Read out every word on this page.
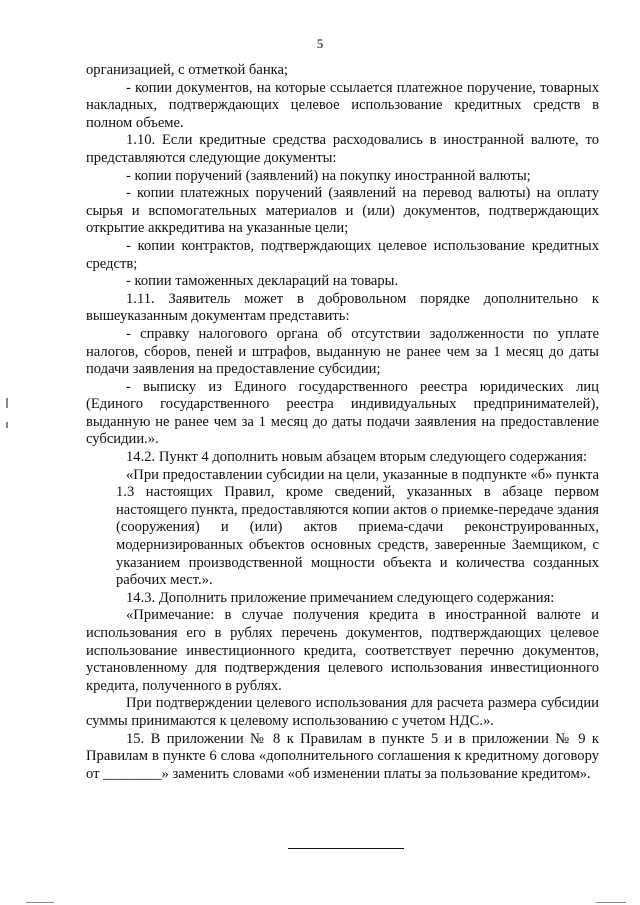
5

организацией, с отметкой банка;

- копии документов, на которые ссылается платежное поручение, товарных накладных, подтверждающих целевое использование кредитных средств в полном объеме.

1.10. Если кредитные средства расходовались в иностранной валюте, то представляются следующие документы:

- копии поручений (заявлений) на покупку иностранной валюты;

- копии платежных поручений (заявлений на перевод валюты) на оплату сырья и вспомогательных материалов и (или) документов, подтверждающих открытие аккредитива на указанные цели;

- копии контрактов, подтверждающих целевое использование кредитных средств;

- копии таможенных деклараций на товары.

1.11. Заявитель может в добровольном порядке дополнительно к вышеуказанным документам представить:

- справку налогового органа об отсутствии задолженности по уплате налогов, сборов, пеней и штрафов, выданную не ранее чем за 1 месяц до даты подачи заявления на предоставление субсидии;

- выписку из Единого государственного реестра юридических лиц (Единого государственного реестра индивидуальных предпринимателей), выданную не ранее чем за 1 месяц до даты подачи заявления на предоставление субсидии.».

14.2. Пункт 4 дополнить новым абзацем вторым следующего содержания:

«При предоставлении субсидии на цели, указанные в подпункте «б» пункта 1.3 настоящих Правил, кроме сведений, указанных в абзаце первом настоящего пункта, предоставляются копии актов о приемке-передаче здания (сооружения) и (или) актов приема-сдачи реконструированных, модернизированных объектов основных средств, заверенные Заемщиком, с указанием производственной мощности объекта и количества созданных рабочих мест.».

14.3. Дополнить приложение примечанием следующего содержания:

«Примечание: в случае получения кредита в иностранной валюте и использования его в рублях перечень документов, подтверждающих целевое использование инвестиционного кредита, соответствует перечню документов, установленному для подтверждения целевого использования инвестиционного кредита, полученного в рублях.

При подтверждении целевого использования для расчета размера субсидии суммы принимаются к целевому использованию с учетом НДС.».

15. В приложении № 8 к Правилам в пункте 5 и в приложении № 9 к Правилам в пункте 6 слова «дополнительного соглашения к кредитному договору от ________» заменить словами «об изменении платы за пользование кредитом».
